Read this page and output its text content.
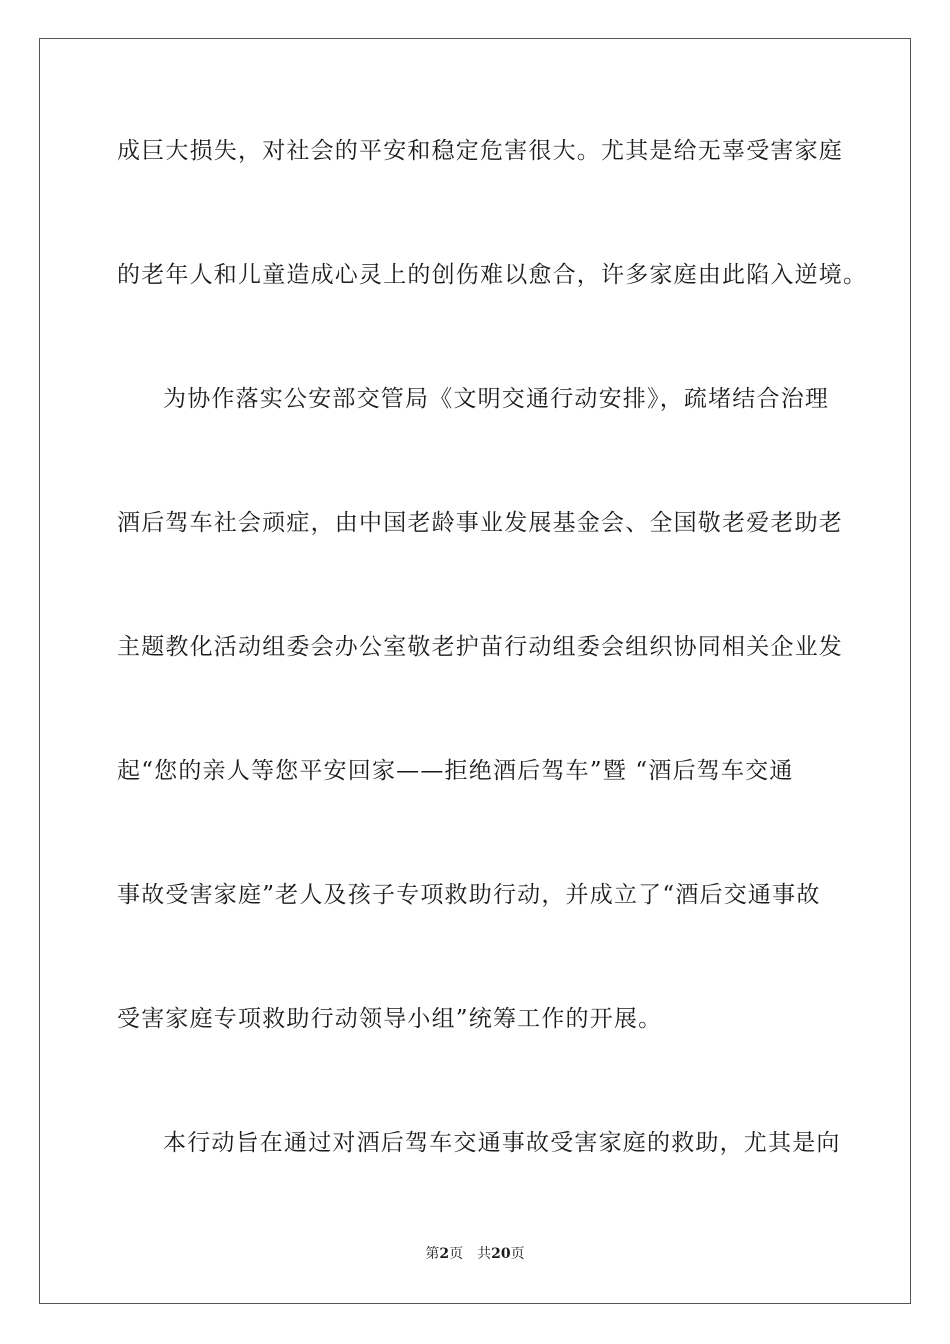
成巨大损失，对社会的平安和稳定危害很大。尤其是给无辜受害家庭
的老年人和儿童造成心灵上的创伤难以愈合，许多家庭由此陷入逆境。
为协作落实公安部交管局《文明交通行动安排》，疏堵结合治理
酒后驾车社会顽症，由中国老龄事业发展基金会、全国敬老爱老助老
主题教化活动组委会办公室敬老护苗行动组委会组织协同相关企业发
起“您的亲人等您平安回家——拒绝酒后驾车”暨 “酒后驾车交通
事故受害家庭”老人及孩子专项救助行动，并成立了“酒后交通事故
受害家庭专项救助行动领导小组”统筹工作的开展。
本行动旨在通过对酒后驾车交通事故受害家庭的救助，尤其是向
第2页 共20页
